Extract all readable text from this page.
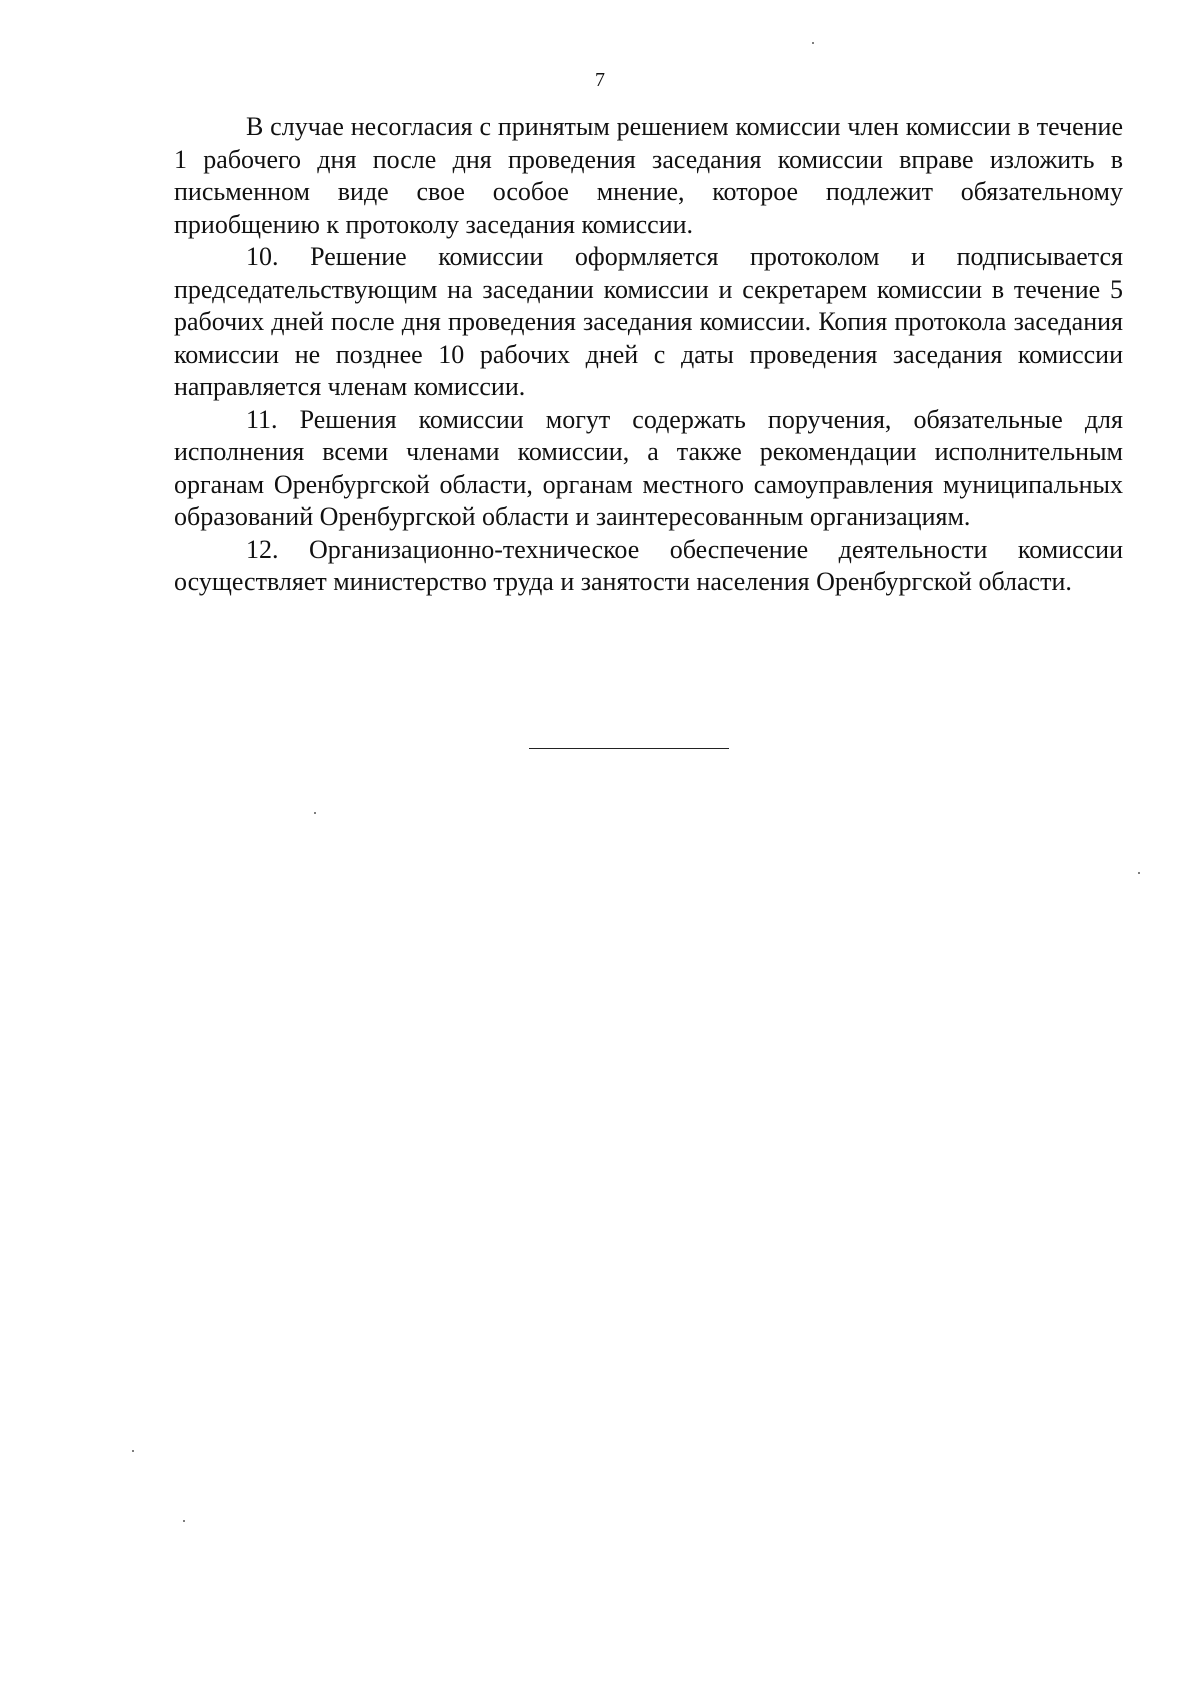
7

В случае несогласия с принятым решением комиссии член комиссии в течение 1 рабочего дня после дня проведения заседания комиссии вправе изложить в письменном виде свое особое мнение, которое подлежит обязательному приобщению к протоколу заседания комиссии.

10. Решение комиссии оформляется протоколом и подписывается председательствующим на заседании комиссии и секретарем комиссии в течение 5 рабочих дней после дня проведения заседания комиссии. Копия протокола заседания комиссии не позднее 10 рабочих дней с даты проведения заседания комиссии направляется членам комиссии.

11. Решения комиссии могут содержать поручения, обязательные для исполнения всеми членами комиссии, а также рекомендации исполнительным органам Оренбургской области, органам местного самоуправления муниципальных образований Оренбургской области и заинтересованным организациям.

12. Организационно-техническое обеспечение деятельности комиссии осуществляет министерство труда и занятости населения Оренбургской области.
